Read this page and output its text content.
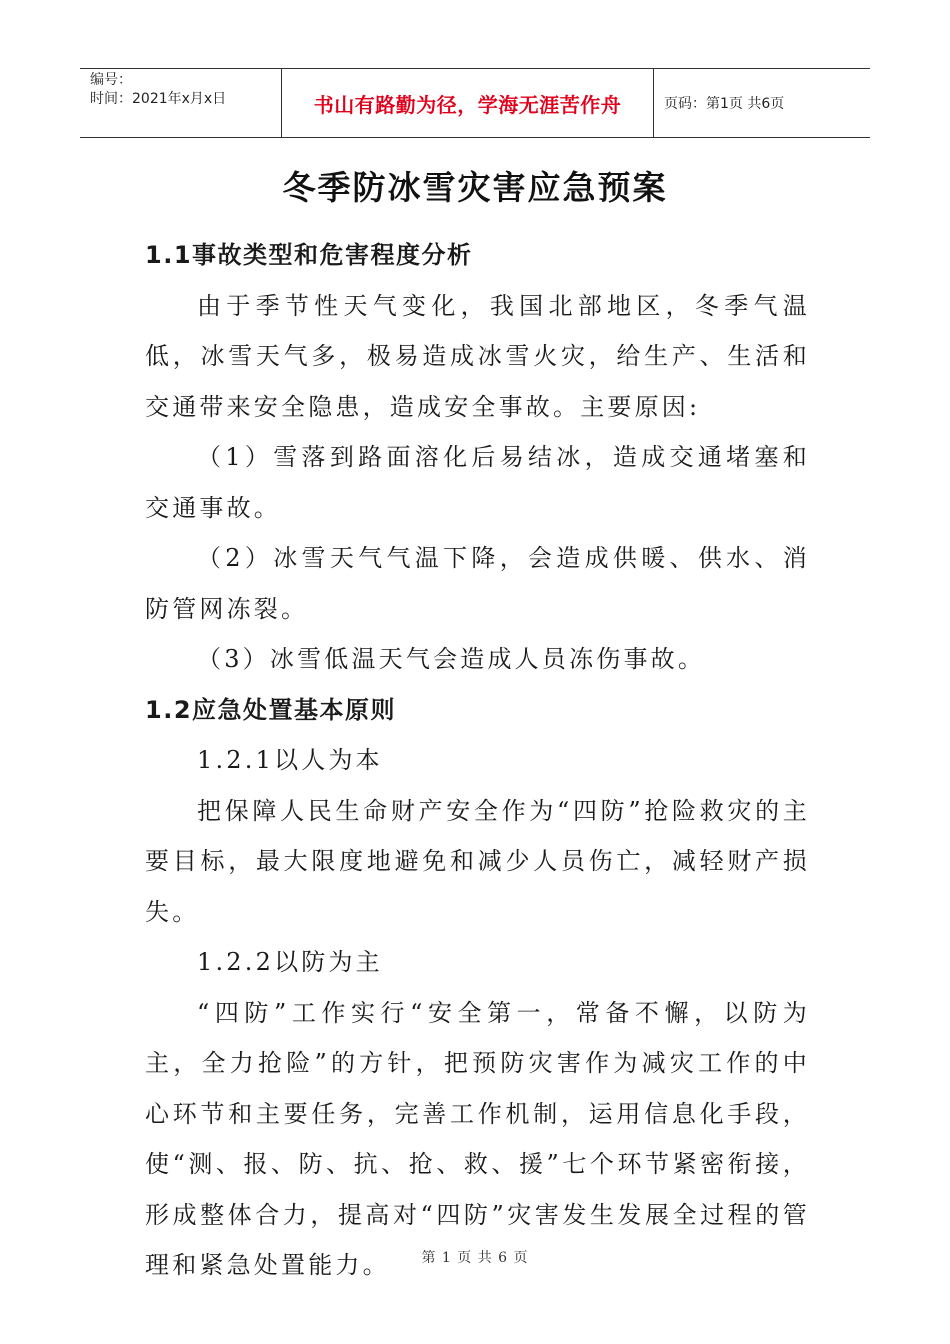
编号：
时间：2021年x月x日	书山有路勤为径，学海无涯苦作舟	页码：第1页 共6页
冬季防冰雪灾害应急预案

1.1事故类型和危害程度分析

由于季节性天气变化，我国北部地区，冬季气温低，冰雪天气多，极易造成冰雪火灾，给生产、生活和交通带来安全隐患，造成安全事故。主要原因:

（1）雪落到路面溶化后易结冰，造成交通堵塞和交通事故。

（2）冰雪天气气温下降，会造成供暖、供水、消防管网冻裂。

（3）冰雪低温天气会造成人员冻伤事故。

1.2应急处置基本原则

1.2.1以人为本

把保障人民生命财产安全作为“四防”抢险救灾的主要目标，最大限度地避免和减少人员伤亡，减轻财产损失。

1.2.2以防为主

“四防”工作实行“安全第一，常备不懈，以防为主，全力抢险”的方针，把预防灾害作为减灾工作的中心环节和主要任务，完善工作机制，运用信息化手段，使“测、报、防、抗、抢、救、援”七个环节紧密衔接，形成整体合力，提高对“四防”灾害发生发展全过程的管理和紧急处置能力。	第 1 页 共 6 页
